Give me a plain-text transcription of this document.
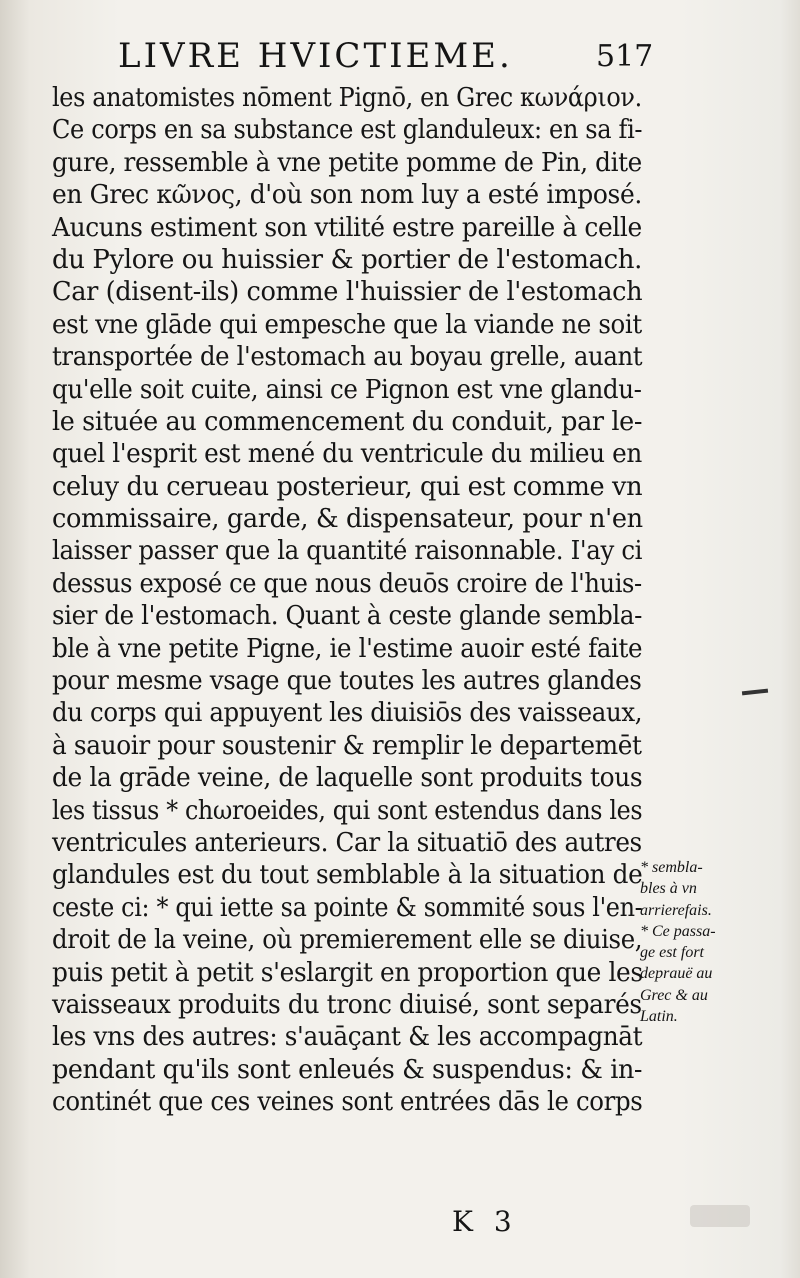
LIVRE HVICTIEME.	517
les anatomistes nōment Pignō, en Grec κωνάριον.
Ce corps en sa substance est glanduleux: en sa fi-
gure, ressemble à vne petite pomme de Pin, dite
en Grec κῶνος, d'où son nom luy a esté imposé.
Aucuns estiment son vtilité estre pareille à celle
du Pylore ou huissier & portier de l'estomach.
Car (disent-ils) comme l'huissier de l'estomach
est vne glāde qui empesche que la viande ne soit
transportée de l'estomach au boyau grelle, auant
qu'elle soit cuite, ainsi ce Pignon est vne glandu-
le située au commencement du conduit, par le-
quel l'esprit est mené du ventricule du milieu en
celuy du cerueau posterieur, qui est comme vn
commissaire, garde, & dispensateur, pour n'en
laisser passer que la quantité raisonnable. I'ay ci
dessus exposé ce que nous deuōs croire de l'huis-
sier de l'estomach. Quant à ceste glande sembla-
ble à vne petite Pigne, ie l'estime auoir esté faite
pour mesme vsage que toutes les autres glandes
du corps qui appuyent les diuisiōs des vaisseaux,
à sauoir pour soustenir & remplir le departemēt
de la grāde veine, de laquelle sont produits tous
les tissus * chωroeides, qui sont estendus dans les
ventricules anterieurs. Car la situatiō des autres
glandules est du tout semblable à la situation de
ceste ci: * qui iette sa pointe & sommité sous l'en-
droit de la veine, où premierement elle se diuise,
puis petit à petit s'eslargit en proportion que les
vaisseaux produits du tronc diuisé, sont separés
les vns des autres: s'auāçant & les accompagnāt
pendant qu'ils sont enleués & suspendus: & in-
continét que ces veines sont entrées dās le corps
* sembla-
bles à vn
arrierefais.
* Ce passa-
ge est fort
deprauë au
Grec & au
Latin.
K 3
